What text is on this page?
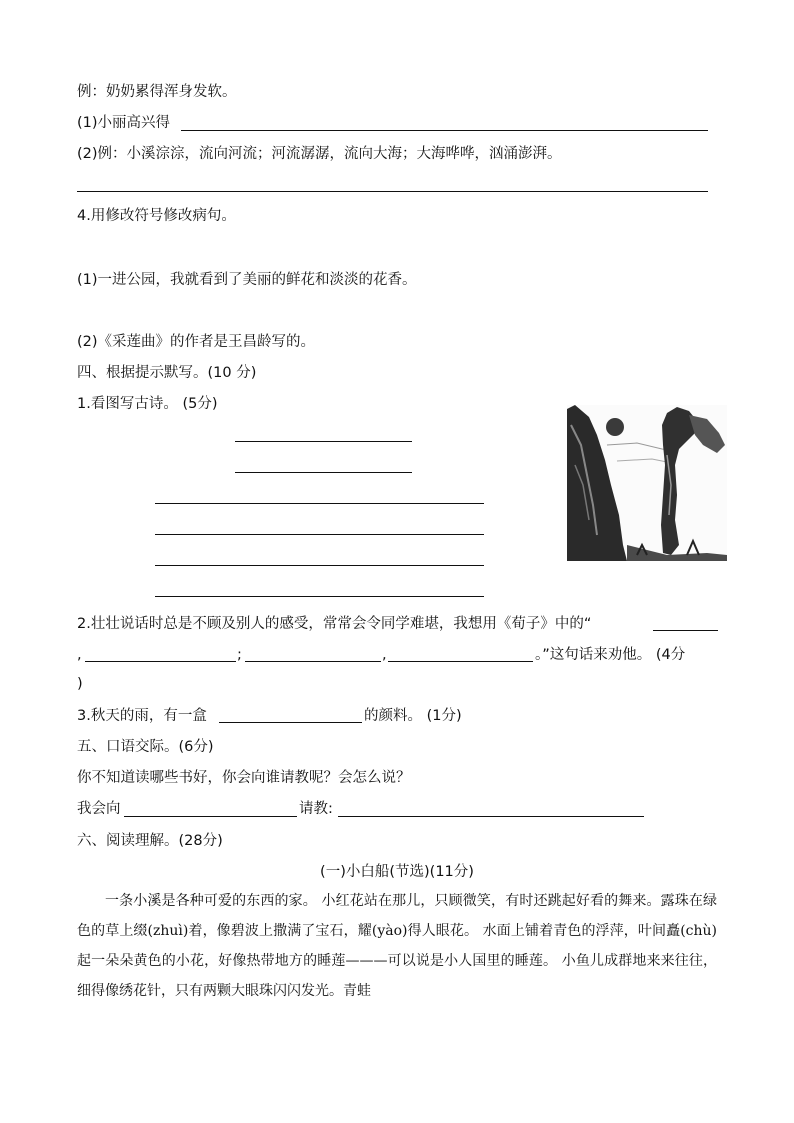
例：奶奶累得浑身发软。
(1)小丽高兴得
(2)例：小溪淙淙，流向河流；河流潺潺，流向大海；大海哗哗，汹涌澎湃。
4.用修改符号修改病句。
(1)一进公园，我就看到了美丽的鲜花和淡淡的花香。
(2)《采莲曲》的作者是王昌龄写的。
四、根据提示默写。(10 分)
1.看图写古诗。 (5分)
2.壮壮说话时总是不顾及别人的感受，常常会令同学难堪，我想用《荀子》中的“
,	;	,	。”这句话来劝他。 (4分
)
3.秋天的雨，有一盒	的颜料。 (1分)
五、口语交际。(6分)
你不知道读哪些书好，你会向谁请教呢？会怎么说？
我会向	请教:
六、阅读理解。(28分)
(一)小白船(节选)(11分)

一条小溪是各种可爱的东西的家。 小红花站在那儿，只顾微笑，有时还跳起好看的舞来。露珠在绿色的草上缀(zhuì)着，像碧波上撒满了宝石，耀(yào)得人眼花。 水面上铺着青色的浮萍，叶间矗(chù)起一朵朵黄色的小花，好像热带地方的睡莲———可以说是小人国里的睡莲。 小鱼儿成群地来来往往，细得像绣花针，只有两颗大眼珠闪闪发光。青蛙
